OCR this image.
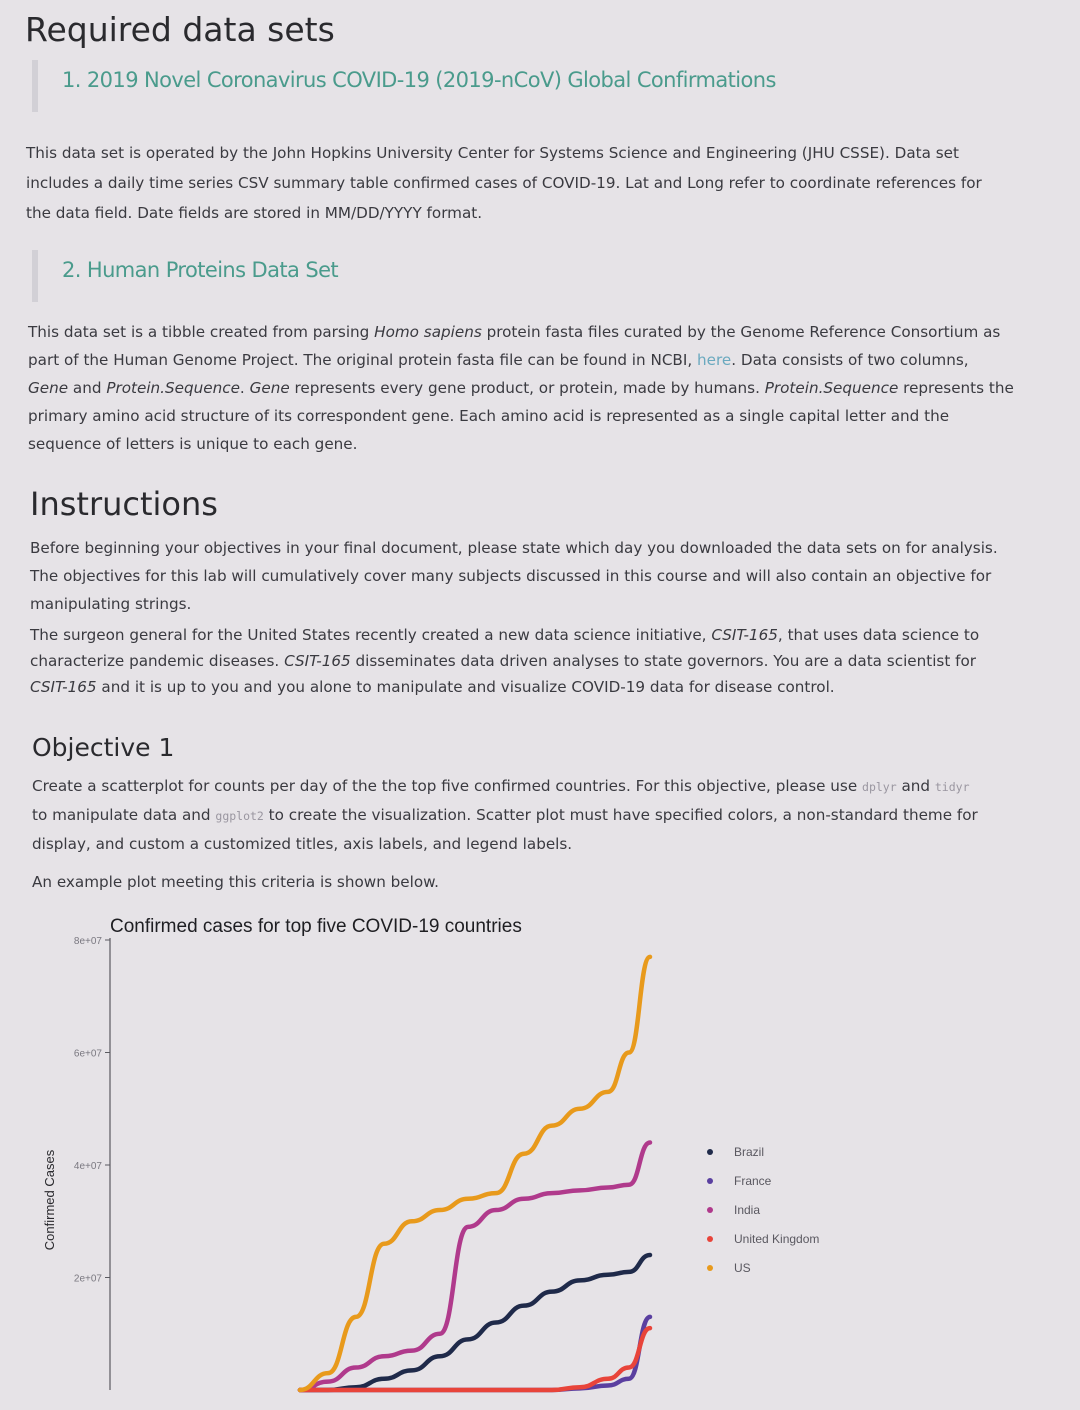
Required data sets
1. 2019 Novel Coronavirus COVID-19 (2019-nCoV) Global Confirmations

This data set is operated by the John Hopkins University Center for Systems Science and Engineering (JHU CSSE). Data set
includes a daily time series CSV summary table confirmed cases of COVID-19. Lat and Long refer to coordinate references for
the data field. Date fields are stored in MM/DD/YYYY format.

2. Human Proteins Data Set

This data set is a tibble created from parsing Homo sapiens protein fasta files curated by the Genome Reference Consortium as
part of the Human Genome Project. The original protein fasta file can be found in NCBI, here. Data consists of two columns,
Gene and Protein.Sequence. Gene represents every gene product, or protein, made by humans. Protein.Sequence represents the
primary amino acid structure of its correspondent gene. Each amino acid is represented as a single capital letter and the
sequence of letters is unique to each gene.

Instructions

Before beginning your objectives in your final document, please state which day you downloaded the data sets on for analysis.
The objectives for this lab will cumulatively cover many subjects discussed in this course and will also contain an objective for
manipulating strings.

The surgeon general for the United States recently created a new data science initiative, CSIT-165, that uses data science to
characterize pandemic diseases. CSIT-165 disseminates data driven analyses to state governors. You are a data scientist for
CSIT-165 and it is up to you and you alone to manipulate and visualize COVID-19 data for disease control.

Objective 1

Create a scatterplot for counts per day of the the top five confirmed countries. For this objective, please use dplyr and tidyr
to manipulate data and ggplot2 to create the visualization. Scatter plot must have specified colors, a non-standard theme for
display, and custom a customized titles, axis labels, and legend labels.

An example plot meeting this criteria is shown below.

Confirmed cases for top five COVID-19 countries
Confirmed Cases
2e+07
4e+07
6e+07
8e+07
Brazil
France
India
United Kingdom
US
